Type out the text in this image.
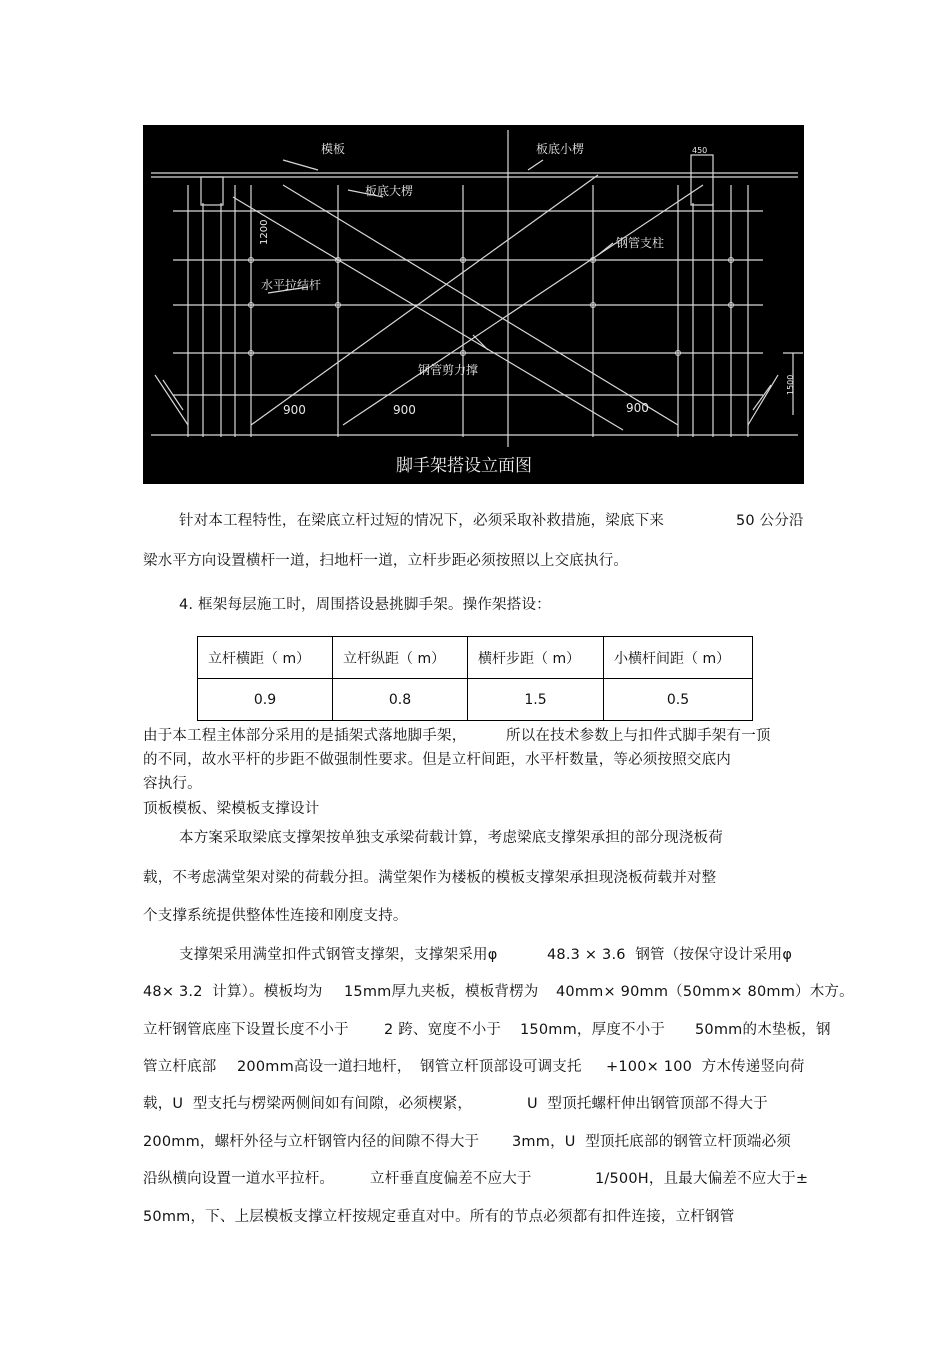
模板	板底小楞
板底大楞
钢管支柱
水平拉结杆
钢管剪力撑
900	900	900
450
1200
1500
脚手架搭设立面图
针对本工程特性，在梁底立杆过短的情况下，必须采取补救措施，梁底下来	50 公分沿
梁水平方向设置横杆一道，扫地杆一道，立杆步距必须按照以上交底执行。
4. 框架每层施工时，周围搭设悬挑脚手架。操作架搭设：
立杆横距（ m）	立杆纵距（ m）	横杆步距（ m）	小横杆间距（ m）
0.9	0.8	1.5	0.5
由于本工程主体部分采用的是插架式落地脚手架，	所以在技术参数上与扣件式脚手架有一顶
的不同，故水平杆的步距不做强制性要求。但是立杆间距，水平杆数量，等必须按照交底内
容执行。
顶板模板、梁模板支撑设计
本方案采取梁底支撑架按单独支承梁荷载计算，考虑梁底支撑架承担的部分现浇板荷
载，不考虑满堂架对梁的荷载分担。满堂架作为楼板的模板支撑架承担现浇板荷载并对整
个支撑系统提供整体性连接和刚度支持。
支撑架采用满堂扣件式钢管支撑架，支撑架采用φ	48.3 × 3.6  钢管（按保守设计采用φ
48× 3.2  计算）。模板均为 15mm厚九夹板，模板背楞为 40mm× 90mm（50mm× 80mm）木方。
立杆钢管底座下设置长度不小于 2 跨、宽度不小于 150mm，厚度不小于 50mm的木垫板，钢
管立杆底部 200mm高设一道扫地杆， 钢管立杆顶部设可调支托 +100× 100  方木传递竖向荷
载，U  型支托与楞梁两侧间如有间隙，必须楔紧，	U  型顶托螺杆伸出钢管顶部不得大于
200mm，螺杆外径与立杆钢管内径的间隙不得大于 3mm，U  型顶托底部的钢管立杆顶端必须
沿纵横向设置一道水平拉杆。 立杆垂直度偏差不应大于	1/500H，且最大偏差不应大于±
50mm，下、上层模板支撑立杆按规定垂直对中。所有的节点必须都有扣件连接，立杆钢管
